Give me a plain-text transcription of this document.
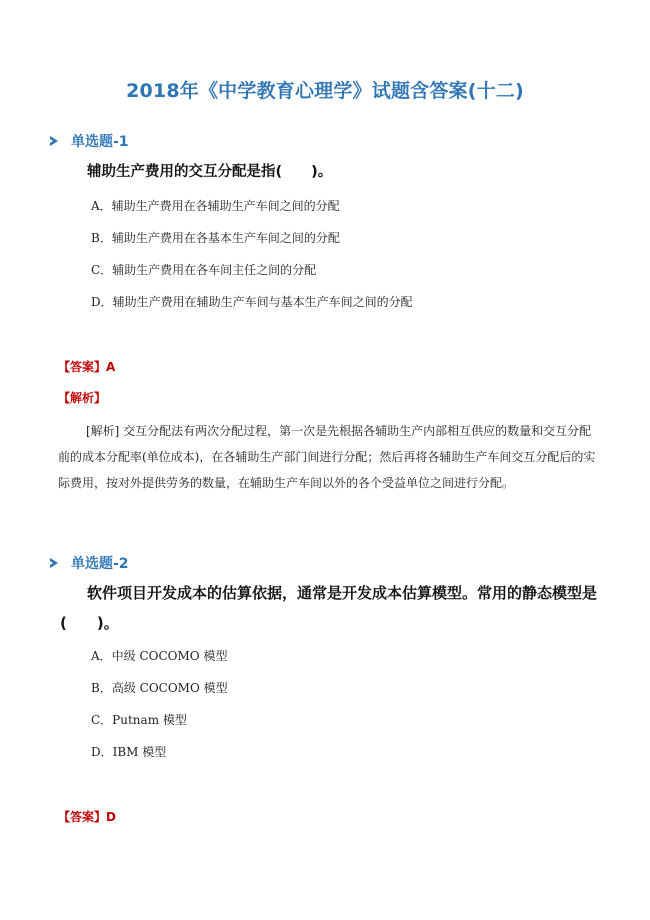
2018年《中学教育心理学》试题含答案(十二)
单选题-1
辅助生产费用的交互分配是指(　　)。
A．辅助生产费用在各辅助生产车间之间的分配
B．辅助生产费用在各基本生产车间之间的分配
C．辅助生产费用在各车间主任之间的分配
D．辅助生产费用在辅助生产车间与基本生产车间之间的分配
【答案】A
【解析】
[解析] 交互分配法有两次分配过程，第一次是先根据各辅助生产内部相互供应的数量和交互分配前的成本分配率(单位成本)，在各辅助生产部门间进行分配；然后再将各辅助生产车间交互分配后的实际费用，按对外提供劳务的数量，在辅助生产车间以外的各个受益单位之间进行分配。
单选题-2
软件项目开发成本的估算依据，通常是开发成本估算模型。常用的静态模型是(　　)。
A．中级 COCOMO 模型
B．高级 COCOMO 模型
C．Putnam 模型
D．IBM 模型
【答案】D
